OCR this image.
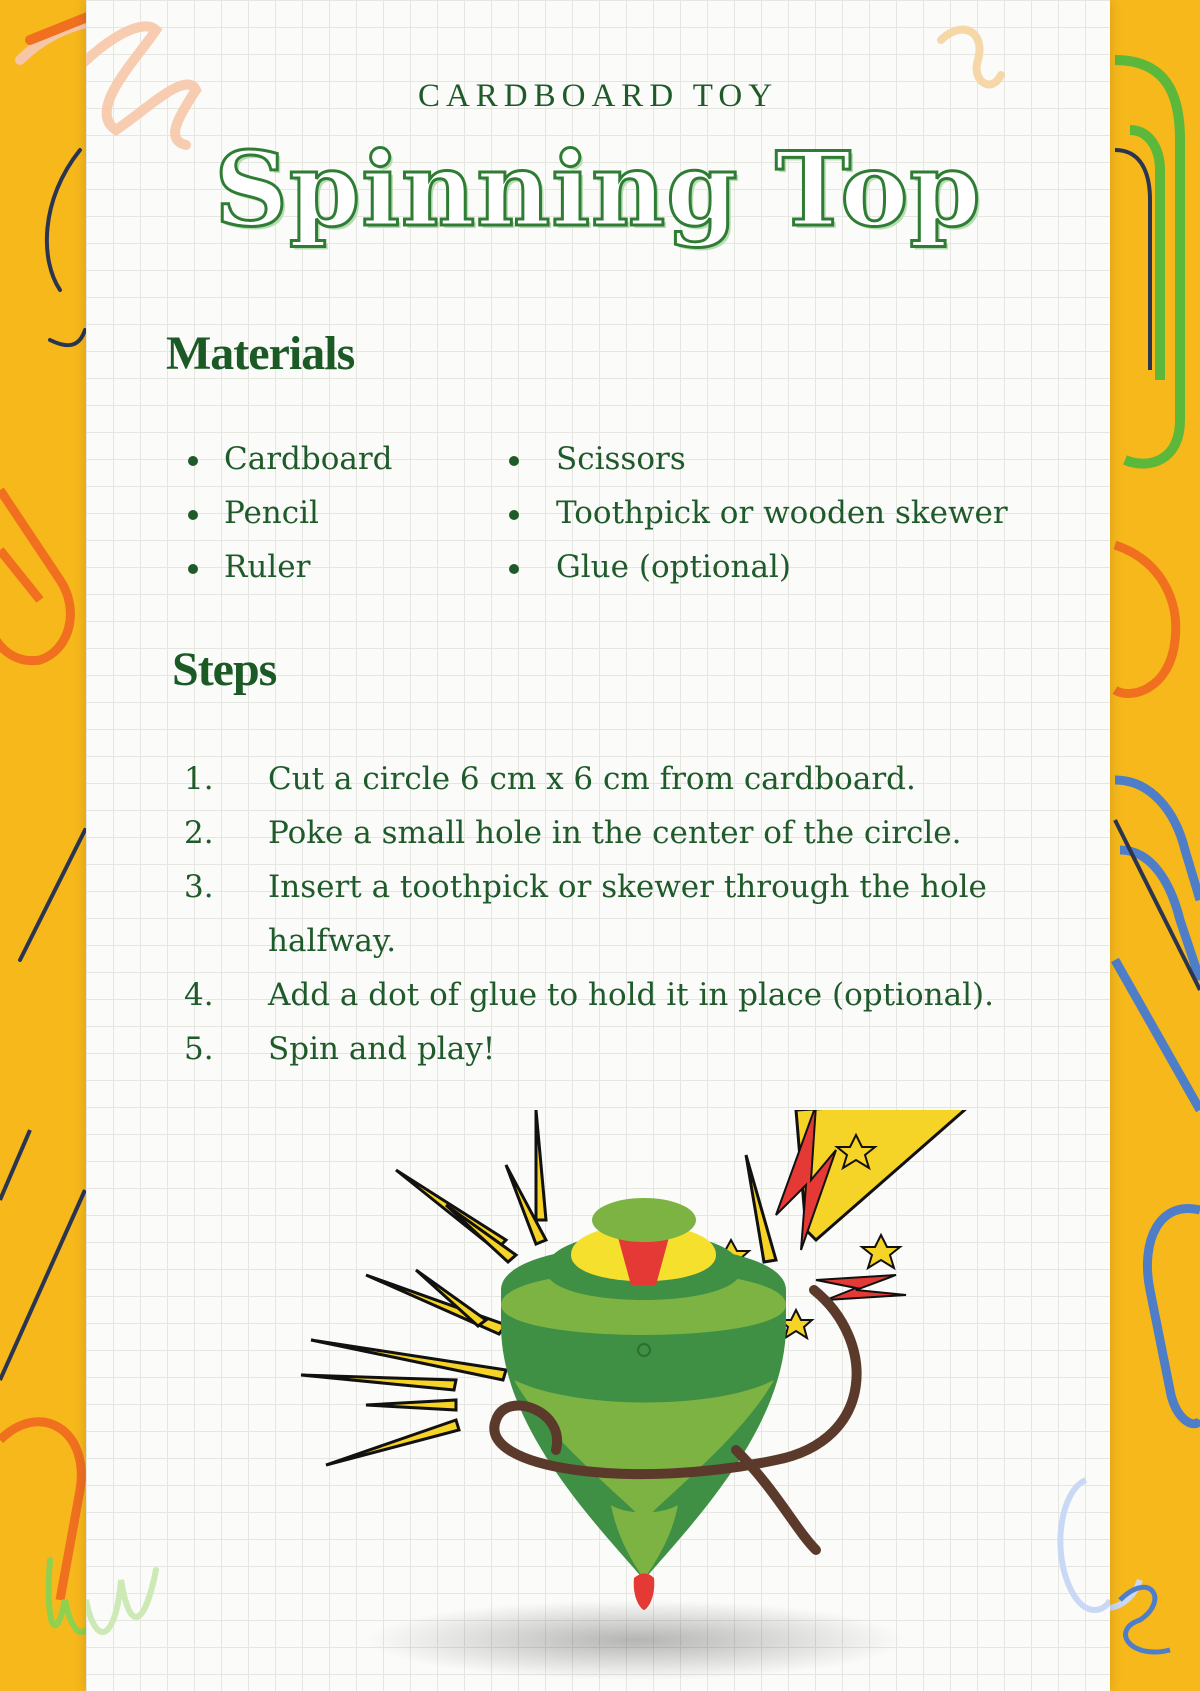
CARDBOARD TOY
Spinning Top
Materials
Cardboard
Pencil
Ruler
Scissors
Toothpick or wooden skewer
Glue (optional)
Steps
1. Cut a circle 6 cm x 6 cm from cardboard.
2. Poke a small hole in the center of the circle.
3. Insert a toothpick or skewer through the hole halfway.
4. Add a dot of glue to hold it in place (optional).
5. Spin and play!
